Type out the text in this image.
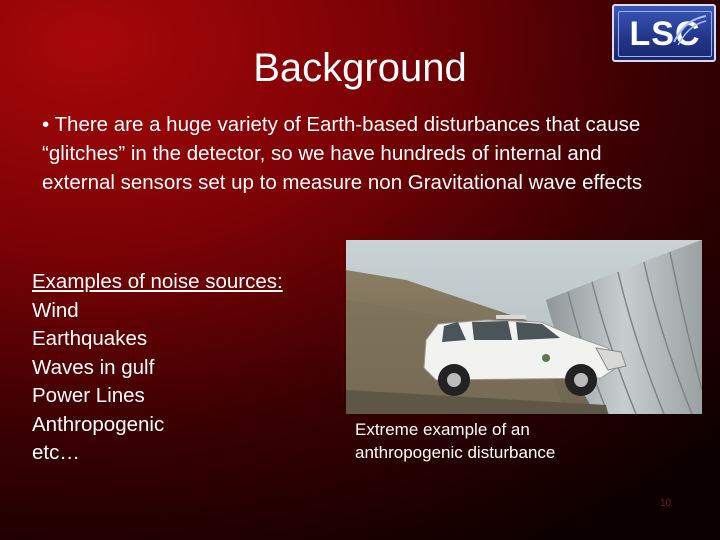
Background
LSC
• There are a huge variety of Earth-based disturbances that cause “glitches” in the detector, so we have hundreds of internal and external sensors set up to measure non Gravitational wave effects
Examples of noise sources:
Wind
Earthquakes
Waves in gulf
Power Lines
Anthropogenic
etc…
Extreme example of an
anthropogenic disturbance
10
